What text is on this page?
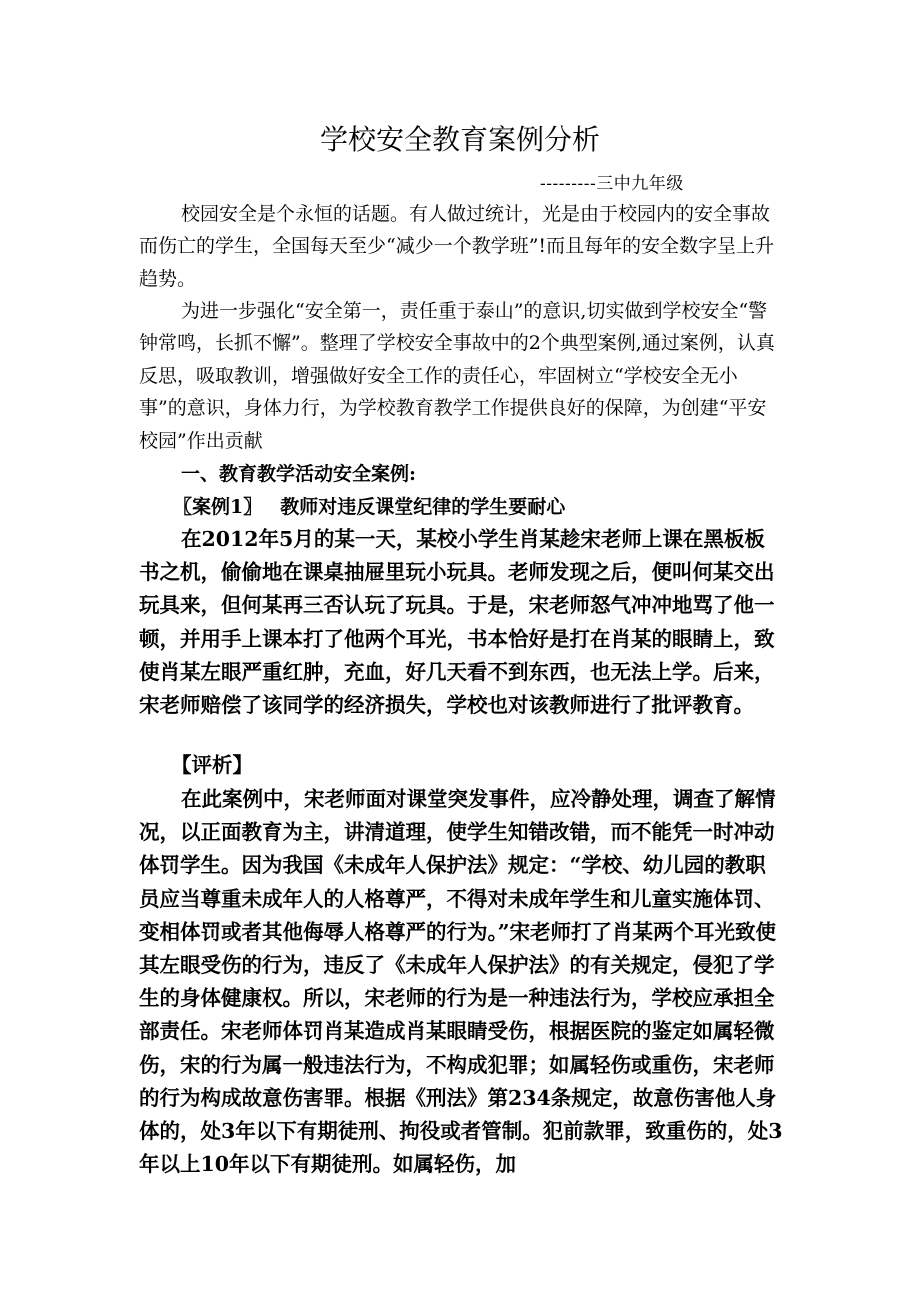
学校安全教育案例分析
---------三中九年级

校园安全是个永恒的话题。有人做过统计，光是由于校园内的安全事故而伤亡的学生，全国每天至少“减少一个教学班”!而且每年的安全数字呈上升趋势。

为进一步强化“安全第一，责任重于泰山”的意识,切实做到学校安全“警钟常鸣，长抓不懈”。整理了学校安全事故中的2个典型案例,通过案例，认真反思，吸取教训，增强做好安全工作的责任心，牢固树立“学校安全无小事”的意识，身体力行，为学校教育教学工作提供良好的保障，为创建“平安校园”作出贡献

一、教育教学活动安全案例:
〖案例1〗 教师对违反课堂纪律的学生要耐心

在2012年5月的某一天，某校小学生肖某趁宋老师上课在黑板板书之机，偷偷地在课桌抽屉里玩小玩具。老师发现之后，便叫何某交出玩具来，但何某再三否认玩了玩具。于是，宋老师怒气冲冲地骂了他一顿，并用手上课本打了他两个耳光，书本恰好是打在肖某的眼睛上，致使肖某左眼严重红肿，充血，好几天看不到东西，也无法上学。后来，宋老师赔偿了该同学的经济损失，学校也对该教师进行了批评教育。

【评析】

在此案例中，宋老师面对课堂突发事件，应冷静处理，调查了解情况，以正面教育为主，讲清道理，使学生知错改错，而不能凭一时冲动体罚学生。因为我国《未成年人保护法》规定：“学校、幼儿园的教职员应当尊重未成年人的人格尊严，不得对未成年学生和儿童实施体罚、变相体罚或者其他侮辱人格尊严的行为。”宋老师打了肖某两个耳光致使其左眼受伤的行为，违反了《未成年人保护法》的有关规定，侵犯了学生的身体健康权。所以，宋老师的行为是一种违法行为，学校应承担全部责任。宋老师体罚肖某造成肖某眼睛受伤，根据医院的鉴定如属轻微伤，宋的行为属一般违法行为，不构成犯罪；如属轻伤或重伤，宋老师的行为构成故意伤害罪。根据《刑法》第234条规定，故意伤害他人身体的，处3年以下有期徒刑、拘役或者管制。犯前款罪，致重伤的，处3年以上10年以下有期徒刑。如属轻伤，加
